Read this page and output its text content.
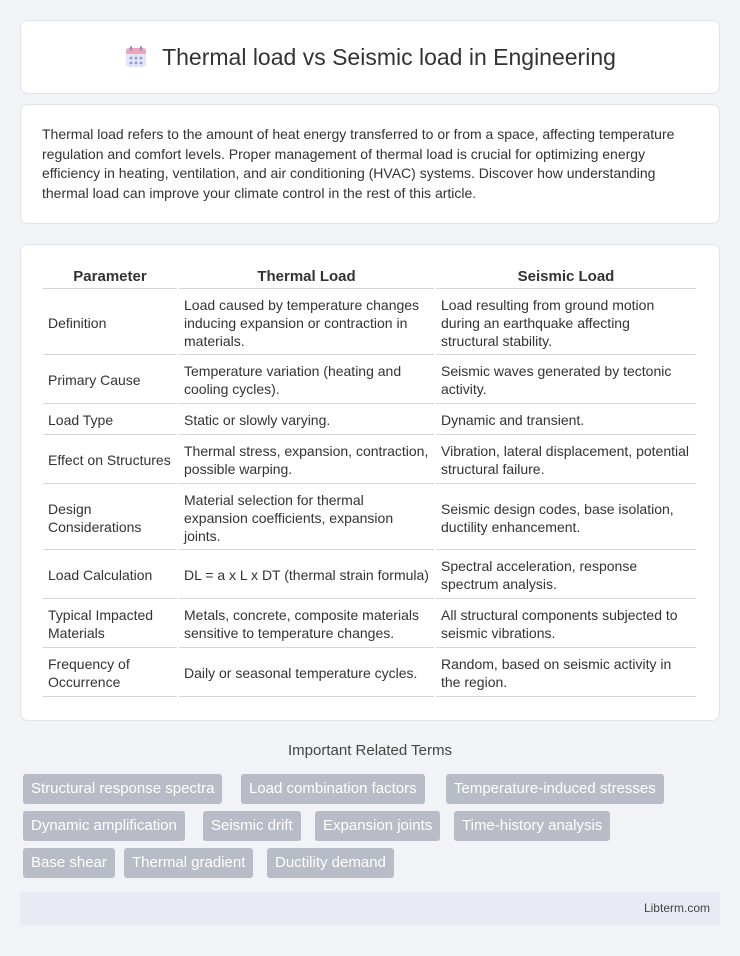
Thermal load vs Seismic load in Engineering

Thermal load refers to the amount of heat energy transferred to or from a space, affecting temperature regulation and comfort levels. Proper management of thermal load is crucial for optimizing energy efficiency in heating, ventilation, and air conditioning (HVAC) systems. Discover how understanding thermal load can improve your climate control in the rest of this article.

Parameter	Thermal Load	Seismic Load
Definition	Load caused by temperature changes inducing expansion or contraction in materials.	Load resulting from ground motion during an earthquake affecting structural stability.
Primary Cause	Temperature variation (heating and cooling cycles).	Seismic waves generated by tectonic activity.
Load Type	Static or slowly varying.	Dynamic and transient.
Effect on Structures	Thermal stress, expansion, contraction, possible warping.	Vibration, lateral displacement, potential structural failure.
Design Considerations	Material selection for thermal expansion coefficients, expansion joints.	Seismic design codes, base isolation, ductility enhancement.
Load Calculation	DL = a x L x DT (thermal strain formula)	Spectral acceleration, response spectrum analysis.
Typical Impacted Materials	Metals, concrete, composite materials sensitive to temperature changes.	All structural components subjected to seismic vibrations.
Frequency of Occurrence	Daily or seasonal temperature cycles.	Random, based on seismic activity in the region.
Important Related Terms
Structural response spectra	Load combination factors	Temperature-induced stresses
Dynamic amplification	Seismic drift	Expansion joints	Time-history analysis
Base shear	Thermal gradient	Ductility demand
Libterm.com
